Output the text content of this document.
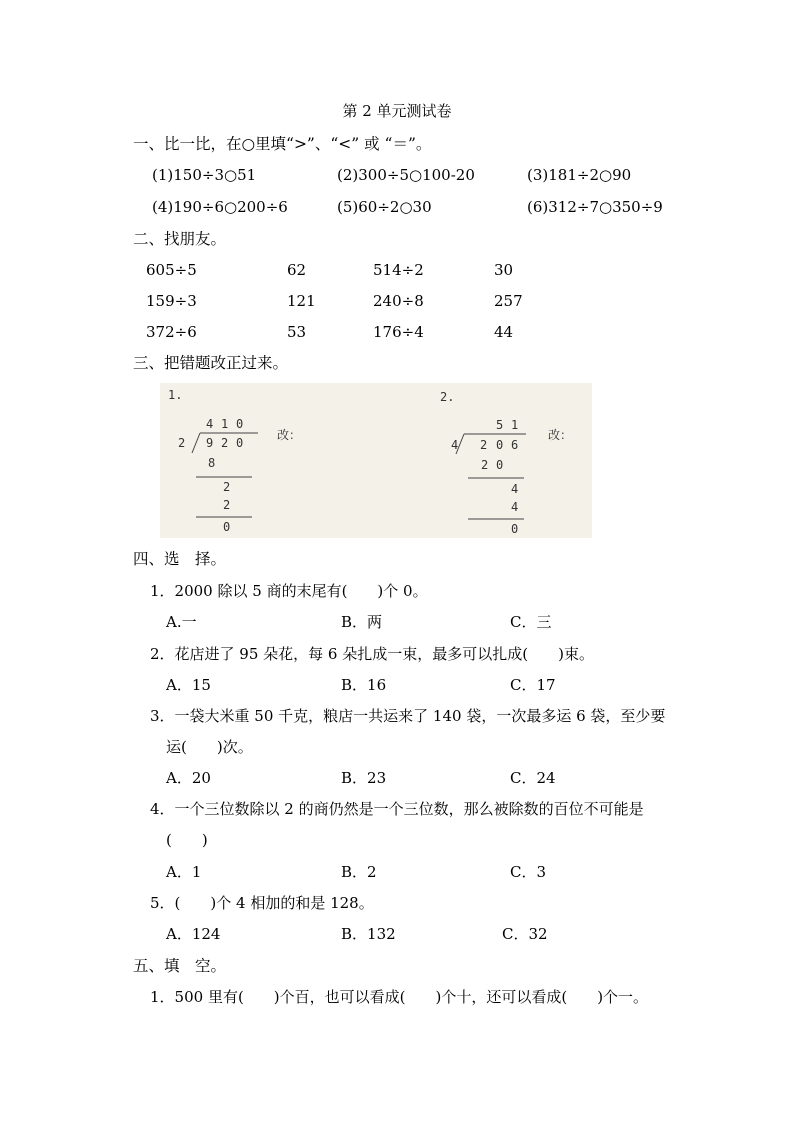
第 2 单元测试卷
一、比一比，在○里填“>”、“<” 或 “＝”。
(1)150÷3○51	(2)300÷5○100-20	(3)181÷2○90
(4)190÷6○200÷6	(5)60÷2○30	(6)312÷7○350÷9
二、找朋友。
605÷5	62	514÷2	30
159÷3	121	240÷8	257
372÷6	53	176÷4	44
三、把错题改正过来。
1.
4 1 0
2 9 2 0
8
2
2
0
改：
2.
5 1
4 2 0 6
2 0
4
4
0
改：
四、选　择。
1．2000 除以 5 商的末尾有(　　)个 0。
A.一	B．两	C．三
2．花店进了 95 朵花，每 6 朵扎成一束，最多可以扎成(　　)束。
A．15	B．16	C．17
3．一袋大米重 50 千克，粮店一共运来了 140 袋，一次最多运 6 袋，至少要
运(　　)次。
A．20	B．23	C．24
4．一个三位数除以 2 的商仍然是一个三位数，那么被除数的百位不可能是
(　　)
A．1	B．2	C．3
5．(　　)个 4 相加的和是 128。
A．124	B．132	C．32
五、填　空。
1．500 里有(　　)个百，也可以看成(　　)个十，还可以看成(　　)个一。
